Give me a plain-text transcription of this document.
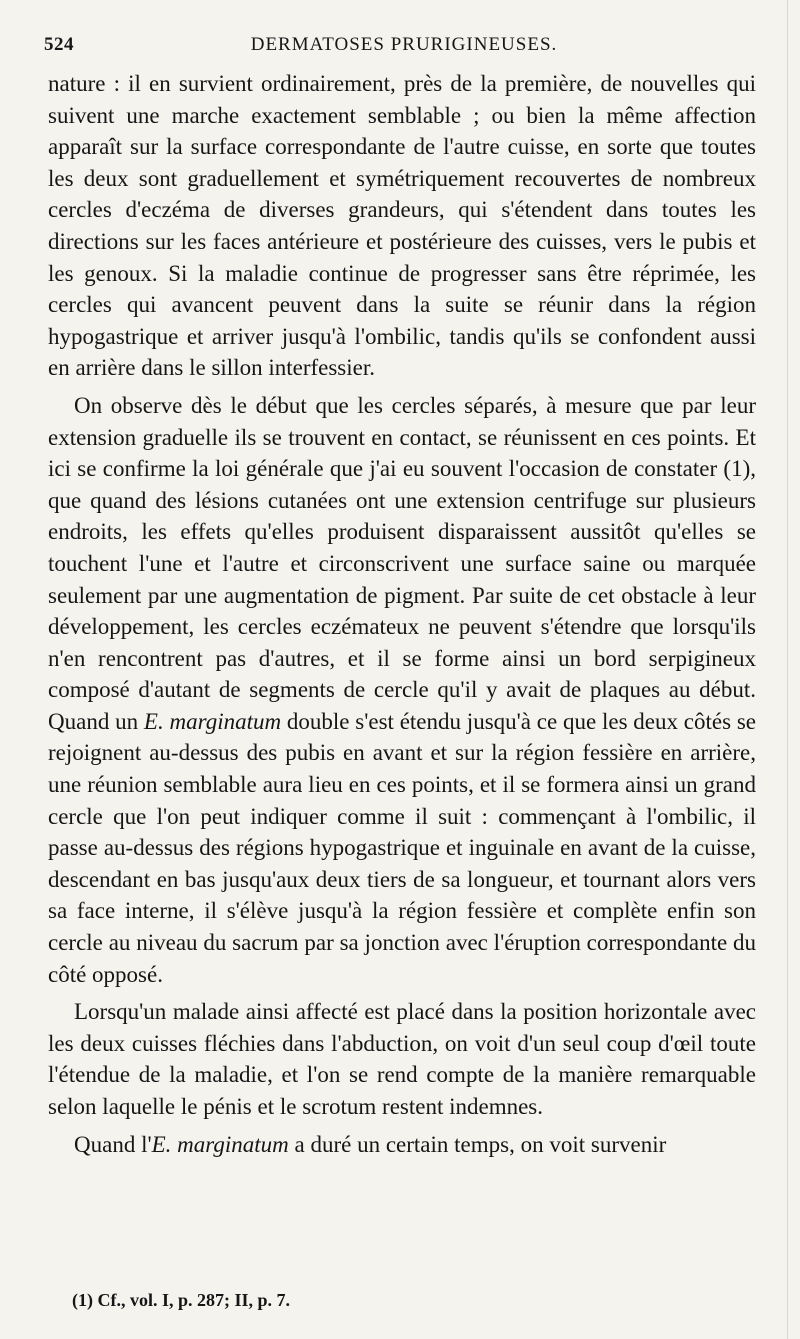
524	DERMATOSES PRURIGINEUSES.

nature : il en survient ordinairement, près de la première, de nouvelles qui suivent une marche exactement semblable ; ou bien la même affection apparaît sur la surface correspondante de l'autre cuisse, en sorte que toutes les deux sont graduellement et symétriquement recouvertes de nombreux cercles d'eczéma de diverses grandeurs, qui s'étendent dans toutes les directions sur les faces antérieure et postérieure des cuisses, vers le pubis et les genoux. Si la maladie continue de progresser sans être réprimée, les cercles qui avancent peuvent dans la suite se réunir dans la région hypogastrique et arriver jusqu'à l'ombilic, tandis qu'ils se confondent aussi en arrière dans le sillon interfessier.

On observe dès le début que les cercles séparés, à mesure que par leur extension graduelle ils se trouvent en contact, se réunissent en ces points. Et ici se confirme la loi générale que j'ai eu souvent l'occasion de constater (1), que quand des lésions cutanées ont une extension centrifuge sur plusieurs endroits, les effets qu'elles produisent disparaissent aussitôt qu'elles se touchent l'une et l'autre et circonscrivent une surface saine ou marquée seulement par une augmentation de pigment. Par suite de cet obstacle à leur développement, les cercles eczémateux ne peuvent s'étendre que lorsqu'ils n'en rencontrent pas d'autres, et il se forme ainsi un bord serpigineux composé d'autant de segments de cercle qu'il y avait de plaques au début. Quand un E. marginatum double s'est étendu jusqu'à ce que les deux côtés se rejoignent au-dessus des pubis en avant et sur la région fessière en arrière, une réunion semblable aura lieu en ces points, et il se formera ainsi un grand cercle que l'on peut indiquer comme il suit : commençant à l'ombilic, il passe au-dessus des régions hypogastrique et inguinale en avant de la cuisse, descendant en bas jusqu'aux deux tiers de sa longueur, et tournant alors vers sa face interne, il s'élève jusqu'à la région fessière et complète enfin son cercle au niveau du sacrum par sa jonction avec l'éruption correspondante du côté opposé.

Lorsqu'un malade ainsi affecté est placé dans la position horizontale avec les deux cuisses fléchies dans l'abduction, on voit d'un seul coup d'œil toute l'étendue de la maladie, et l'on se rend compte de la manière remarquable selon laquelle le pénis et le scrotum restent indemnes.

Quand l'E. marginatum a duré un certain temps, on voit survenir

(1) Cf., vol. I, p. 287; II, p. 7.
